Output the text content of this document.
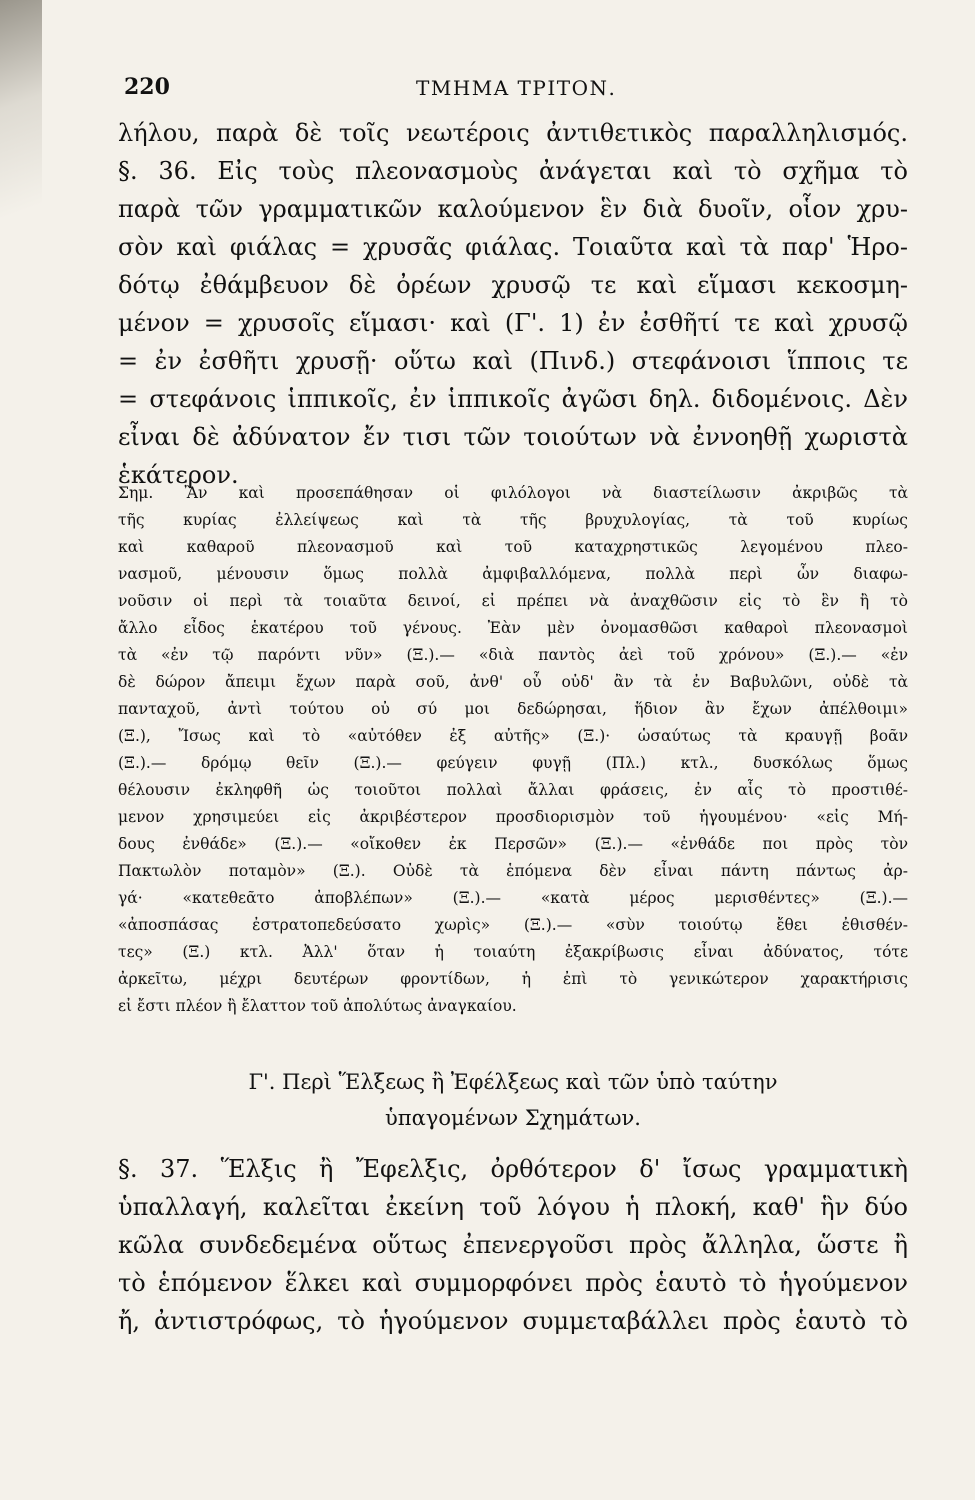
220	ΤΜΗΜΑ ΤΡΙΤΟΝ.
λήλου, παρὰ δὲ τοῖς νεωτέροις ἀντιθετικὸς παραλληλισμός.
§. 36. Εἰς τοὺς πλεονασμοὺς ἀνάγεται καὶ τὸ σχῆμα τὸ
παρὰ τῶν γραμματικῶν καλούμενον ἓν διὰ δυοῖν, οἷον χρυ-
σὸν καὶ φιάλας = χρυσᾶς φιάλας. Τοιαῦτα καὶ τὰ παρ' Ἡρο-
δότῳ ἐθάμβευον δὲ ὀρέων χρυσῷ τε καὶ εἵμασι κεκοσμη-
μένον = χρυσοῖς εἵμασι· καὶ (Γ'. 1) ἐν ἐσθῆτί τε καὶ χρυσῷ
= ἐν ἐσθῆτι χρυσῇ· οὕτω καὶ (Πινδ.) στεφάνοισι ἵπποις τε
= στεφάνοις ἱππικοῖς, ἐν ἱππικοῖς ἀγῶσι δηλ. διδομένοις. Δὲν
εἶναι δὲ ἀδύνατον ἔν τισι τῶν τοιούτων νὰ ἐννοηθῇ χωριστὰ
ἑκάτερον.
Σημ. Ἂν καὶ προσεπάθησαν οἱ φιλόλογοι νὰ διαστείλωσιν ἀκριβῶς τὰ
τῆς κυρίας ἐλλείψεως καὶ τὰ τῆς βρυχυλογίας, τὰ τοῦ κυρίως
καὶ καθαροῦ πλεονασμοῦ καὶ τοῦ καταχρηστικῶς λεγομένου πλεο-
νασμοῦ, μένουσιν ὅμως πολλὰ ἀμφιβαλλόμενα, πολλὰ περὶ ὧν διαφω-
νοῦσιν οἱ περὶ τὰ τοιαῦτα δεινοί, εἰ πρέπει νὰ ἀναχθῶσιν εἰς τὸ ἓν ἢ τὸ
ἄλλο εἶδος ἑκατέρου τοῦ γένους. Ἐὰν μὲν ὀνομασθῶσι καθαροὶ πλεονασμοὶ
τὰ «ἐν τῷ παρόντι νῦν» (Ξ.).— «διὰ παντὸς ἀεὶ τοῦ χρόνου» (Ξ.).— «ἐν
δὲ δώρον ἄπειμι ἔχων παρὰ σοῦ, ἀνθ' οὗ οὐδ' ἂν τὰ ἐν Βαβυλῶνι, οὐδὲ τὰ
πανταχοῦ, ἀντὶ τούτου οὐ σύ μοι δεδώρησαι, ἥδιον ἂν ἔχων ἀπέλθοιμι»
(Ξ.), Ἴσως καὶ τὸ «αὐτόθεν ἐξ αὐτῆς» (Ξ.)· ὡσαύτως τὰ κραυγῇ βοᾶν
(Ξ.).— δρόμῳ θεῖν (Ξ.).— φεύγειν φυγῇ (Πλ.) κτλ., δυσκόλως ὅμως
θέλουσιν ἐκληφθῆ ὡς τοιοῦτοι πολλαὶ ἄλλαι φράσεις, ἐν αἷς τὸ προστιθέ-
μενον χρησιμεύει εἰς ἀκριβέστερον προσδιορισμὸν τοῦ ἡγουμένου· «εἰς Μή-
δους ἐνθάδε» (Ξ.).— «οἴκοθεν ἐκ Περσῶν» (Ξ.).— «ἐνθάδε ποι πρὸς τὸν
Πακτωλὸν ποταμὸν» (Ξ.). Οὐδὲ τὰ ἑπόμενα δὲν εἶναι πάντη πάντως ἀρ-
γά· «κατεθεᾶτο ἀποβλέπων» (Ξ.).— «κατὰ μέρος μερισθέντες» (Ξ.).—
«ἀποσπάσας ἐστρατοπεδεύσατο χωρὶς» (Ξ.).— «σὺν τοιούτῳ ἔθει ἐθισθέν-
τες» (Ξ.) κτλ. Ἀλλ' ὅταν ἡ τοιαύτη ἐξακρίβωσις εἶναι ἀδύνατος, τότε
ἀρκεῖτω, μέχρι δευτέρων φροντίδων, ἡ ἐπὶ τὸ γενικώτερον χαρακτήρισις
εἰ ἔστι πλέον ἢ ἔλαττον τοῦ ἀπολύτως ἀναγκαίου.
Γ'. Περὶ Ἕλξεως ἢ Ἐφέλξεως καὶ τῶν ὑπὸ ταύτην
ὑπαγομένων Σχημάτων.
§. 37. Ἕλξις ἢ Ἔφελξις, ὀρθότερον δ' ἴσως γραμματικὴ
ὑπαλλαγή, καλεῖται ἐκείνη τοῦ λόγου ἡ πλοκή, καθ' ἣν δύο
κῶλα συνδεδεμένα οὕτως ἐπενεργοῦσι πρὸς ἄλληλα, ὥστε ἢ
τὸ ἑπόμενον ἕλκει καὶ συμμορφόνει πρὸς ἑαυτὸ τὸ ἡγούμενον
ἤ, ἀντιστρόφως, τὸ ἡγούμενον συμμεταβάλλει πρὸς ἑαυτὸ τὸ
